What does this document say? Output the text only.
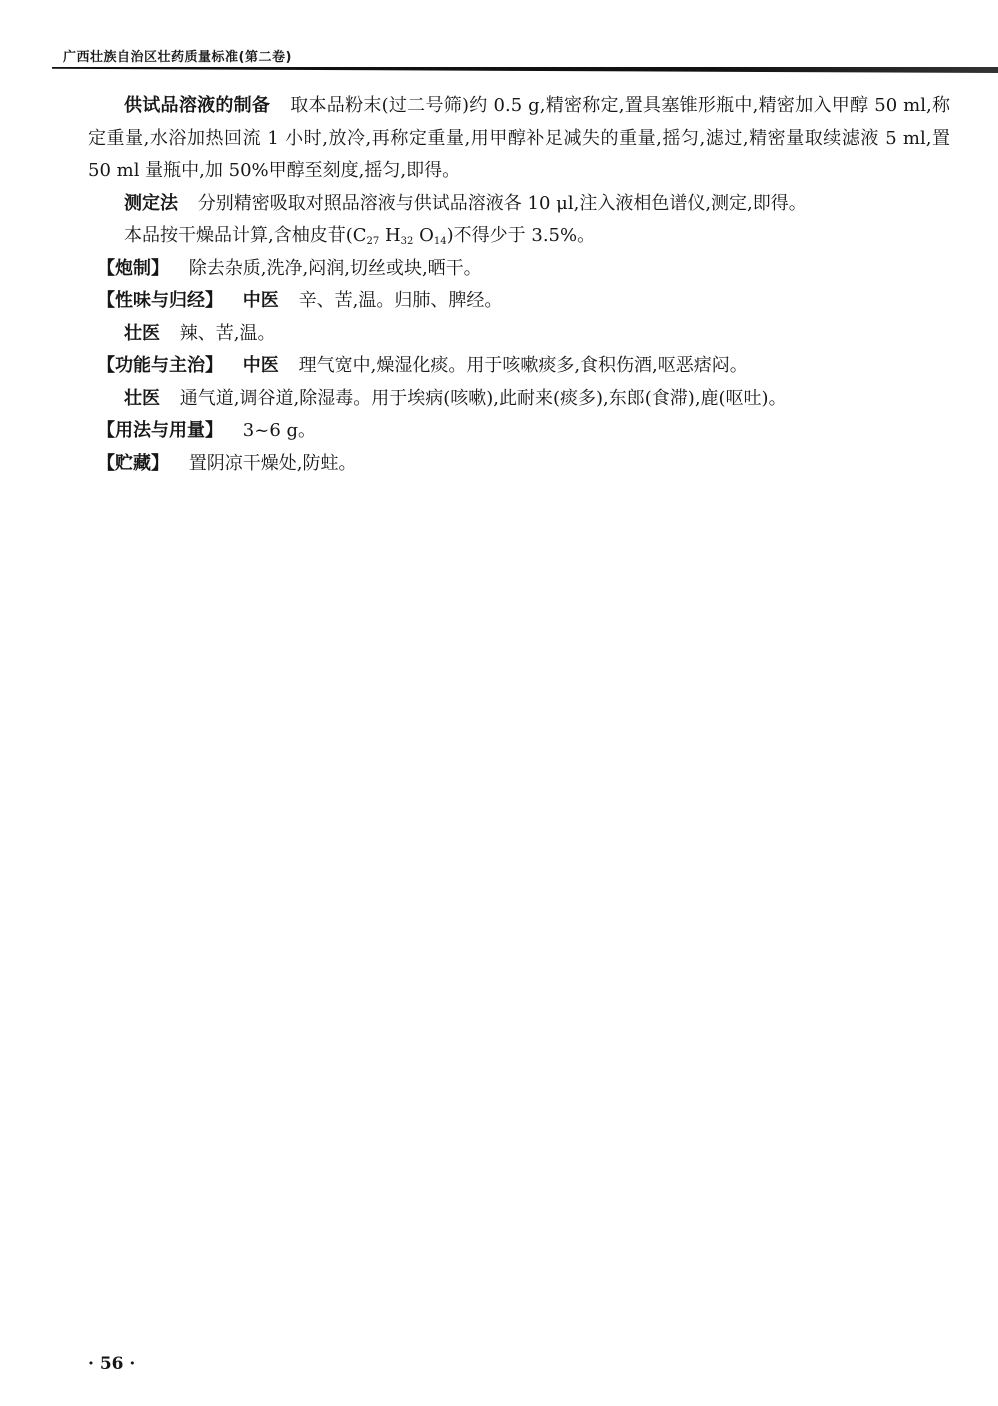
广西壮族自治区壮药质量标准(第二卷)

供试品溶液的制备 取本品粉末(过二号筛)约 0.5 g,精密称定,置具塞锥形瓶中,精密加入甲醇 50 ml,称定重量,水浴加热回流 1 小时,放冷,再称定重量,用甲醇补足减失的重量,摇匀,滤过,精密量取续滤液 5 ml,置 50 ml 量瓶中,加 50%甲醇至刻度,摇匀,即得。

测定法 分别精密吸取对照品溶液与供试品溶液各 10 μl,注入液相色谱仪,测定,即得。

本品按干燥品计算,含柚皮苷($C_{27}$ $H_{32}$ $O_{14}$)不得少于 3.5%。

【炮制】 除去杂质,洗净,闷润,切丝或块,晒干。

【性味与归经】 中医 辛、苦,温。归肺、脾经。

壮医 辣、苦,温。

【功能与主治】 中医 理气宽中,燥湿化痰。用于咳嗽痰多,食积伤酒,呕恶痞闷。

壮医 通气道,调谷道,除湿毒。用于埃病(咳嗽),此耐来(痰多),东郎(食滞),鹿(呕吐)。

【用法与用量】 3~6 g。

【贮藏】 置阴凉干燥处,防蛀。

· 56 ·
